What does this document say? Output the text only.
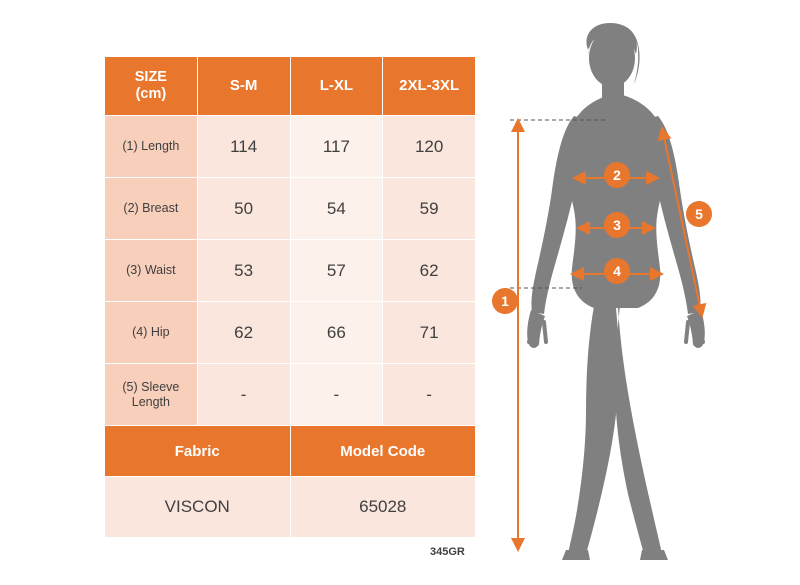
SIZE
(cm)	S-M	L-XL	2XL-3XL
(1) Length	114	117	120
(2) Breast	50	54	59
(3) Waist	53	57	62
(4) Hip	62	66	71

(5) Sleeve
Length	-	-	-
Fabric		Model Code	
VISCON		65028	
345GR
1
2
3
4
5
